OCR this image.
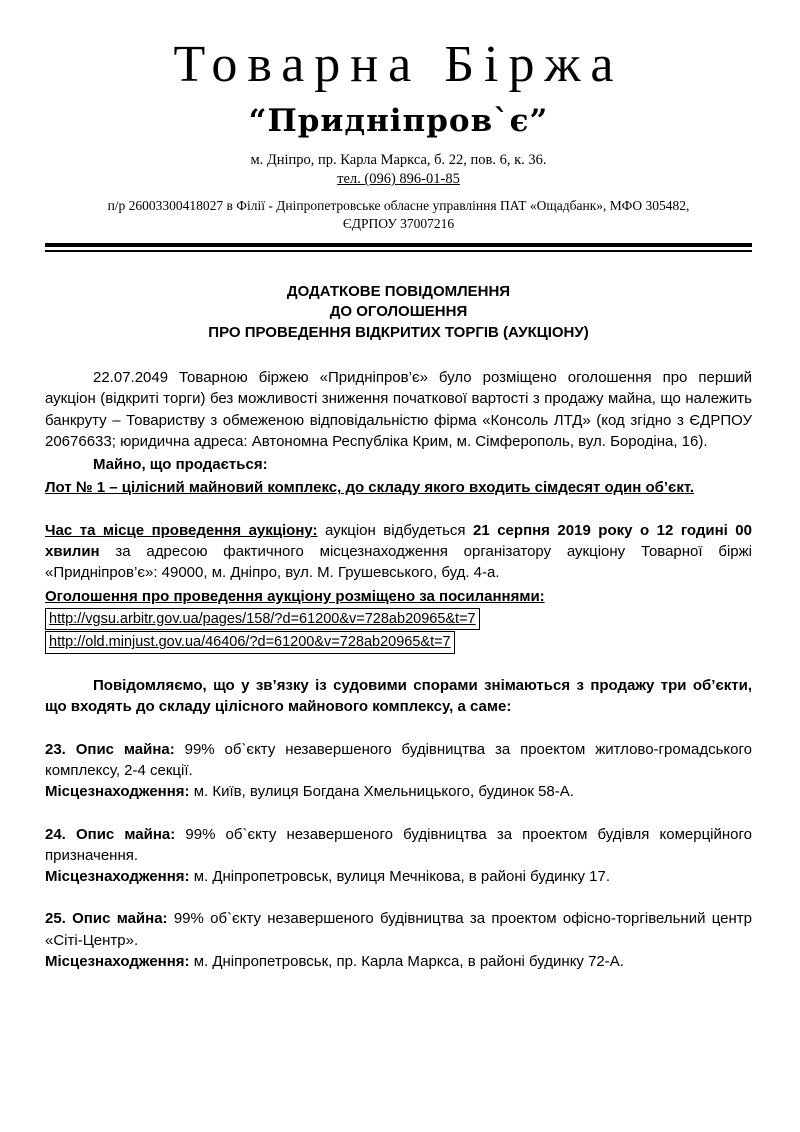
Товарна Біржа
“Придніпров`є”
м. Дніпро, пр. Карла Маркса, б. 22, пов. 6, к. 36.
тел. (096) 896-01-85
п/р 26003300418027 в Філії - Дніпропетровське обласне управління ПАТ «Ощадбанк», МФО 305482,
ЄДРПОУ 37007216
ДОДАТКОВЕ ПОВІДОМЛЕННЯ
ДО ОГОЛОШЕННЯ
ПРО ПРОВЕДЕННЯ ВІДКРИТИХ ТОРГІВ (АУКЦІОНУ)

22.07.2049 Товарною біржею «Придніпров’є» було розміщено оголошення про перший аукціон (відкриті торги) без можливості зниження початкової вартості з продажу майна, що належить банкруту – Товариству з обмеженою відповідальністю фірма «Консоль ЛТД» (код згідно з ЄДРПОУ 20676633; юридична адреса: Автономна Республіка Крим, м. Сімферополь, вул. Бородіна, 16).

Майно, що продається:

Лот № 1 – цілісний майновий комплекс, до складу якого входить сімдесят один об’єкт.

Час та місце проведення аукціону: аукціон відбудеться 21 серпня 2019 року о 12 годині 00 хвилин за адресою фактичного місцезнаходження організатору аукціону Товарної біржі «Придніпров’є»: 49000, м. Дніпро, вул. М. Грушевського, буд. 4-а.

Оголошення про проведення аукціону розміщено за посиланнями:

http://vgsu.arbitr.gov.ua/pages/158/?d=61200&v=728ab20965&t=7
http://old.minjust.gov.ua/46406/?d=61200&v=728ab20965&t=7

Повідомляємо, що у зв’язку із судовими спорами знімаються з продажу три об’єкти, що входять до складу цілісного майнового комплексу, а саме:

23. Опис майна: 99% об`єкту незавершеного будівництва за проектом житлово-громадського комплексу, 2-4 секції.

Місцезнаходження: м. Київ, вулиця Богдана Хмельницького, будинок 58-А.

24. Опис майна: 99% об`єкту незавершеного будівництва за проектом будівля комерційного призначення.

Місцезнаходження: м. Дніпропетровськ, вулиця Мечнікова, в районі будинку 17.

25. Опис майна: 99% об`єкту незавершеного будівництва за проектом офісно-торгівельний центр «Сіті-Центр».

Місцезнаходження: м. Дніпропетровськ, пр. Карла Маркса, в районі будинку 72-А.
